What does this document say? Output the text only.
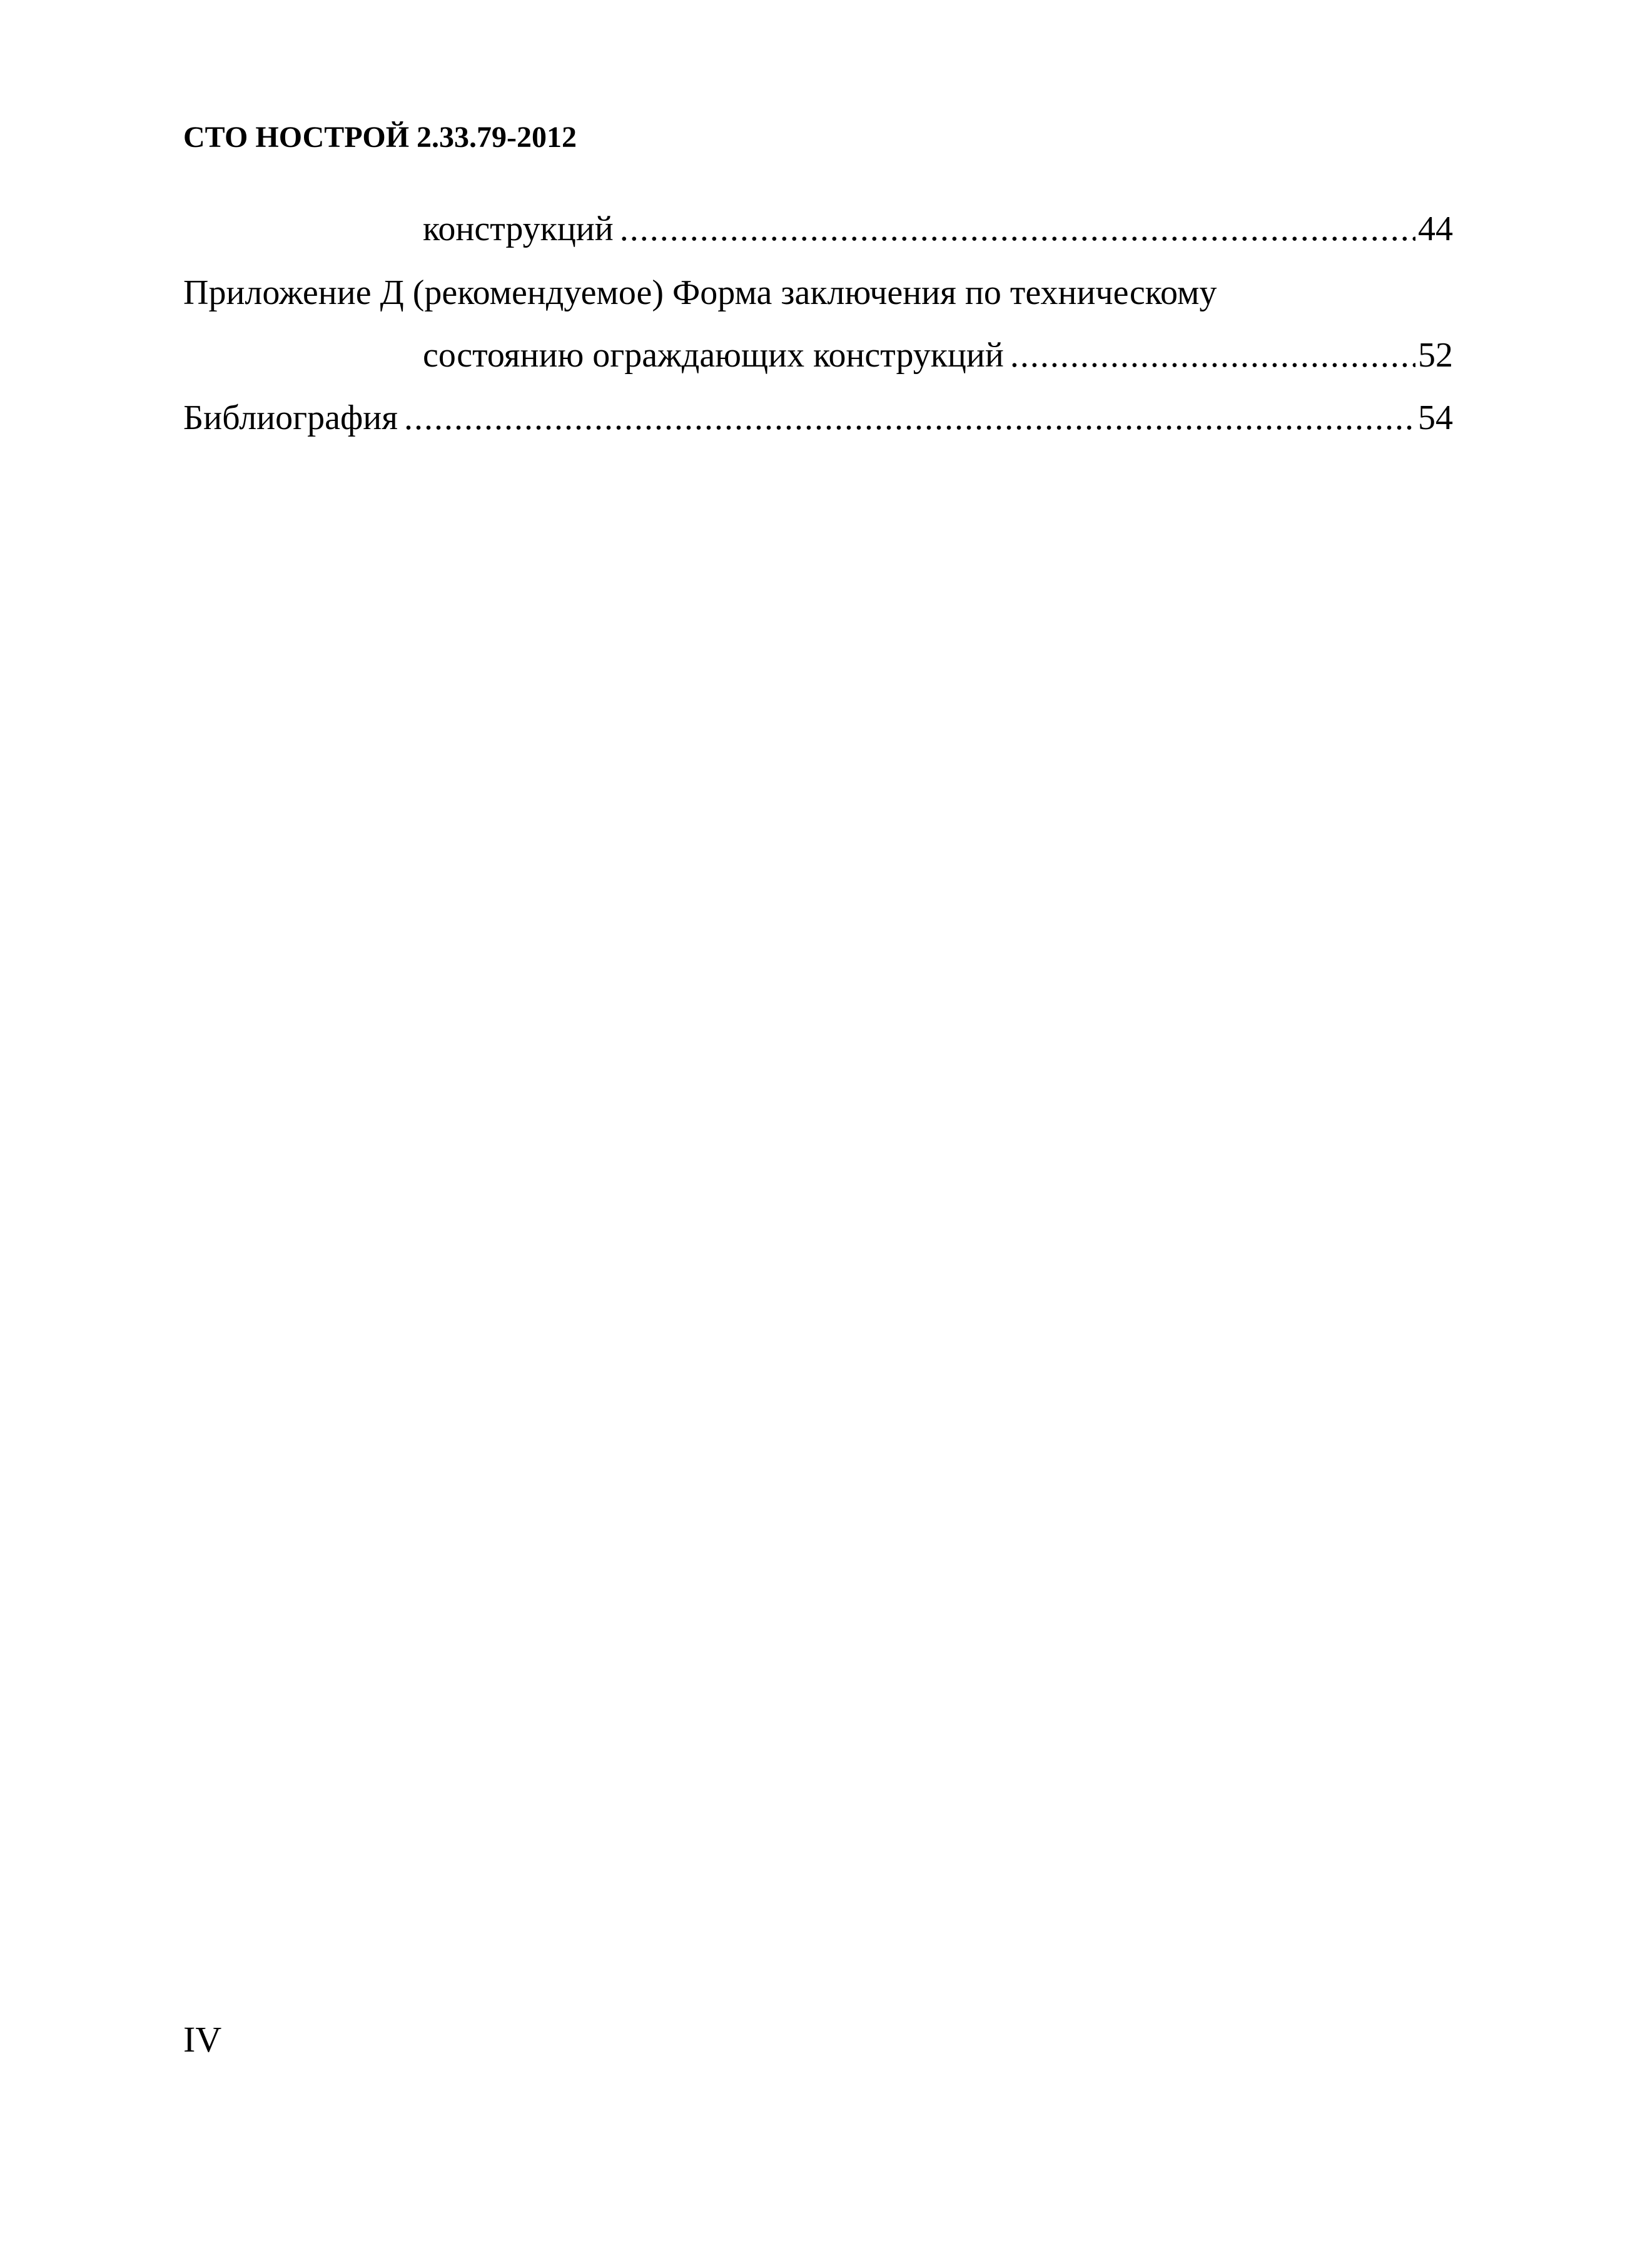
СТО НОСТРОЙ 2.33.79-2012
конструкций .....	44
Приложение Д (рекомендуемое) Форма заключения по техническому
состоянию ограждающих конструкций .....	52
Библиография .....	54
IV
